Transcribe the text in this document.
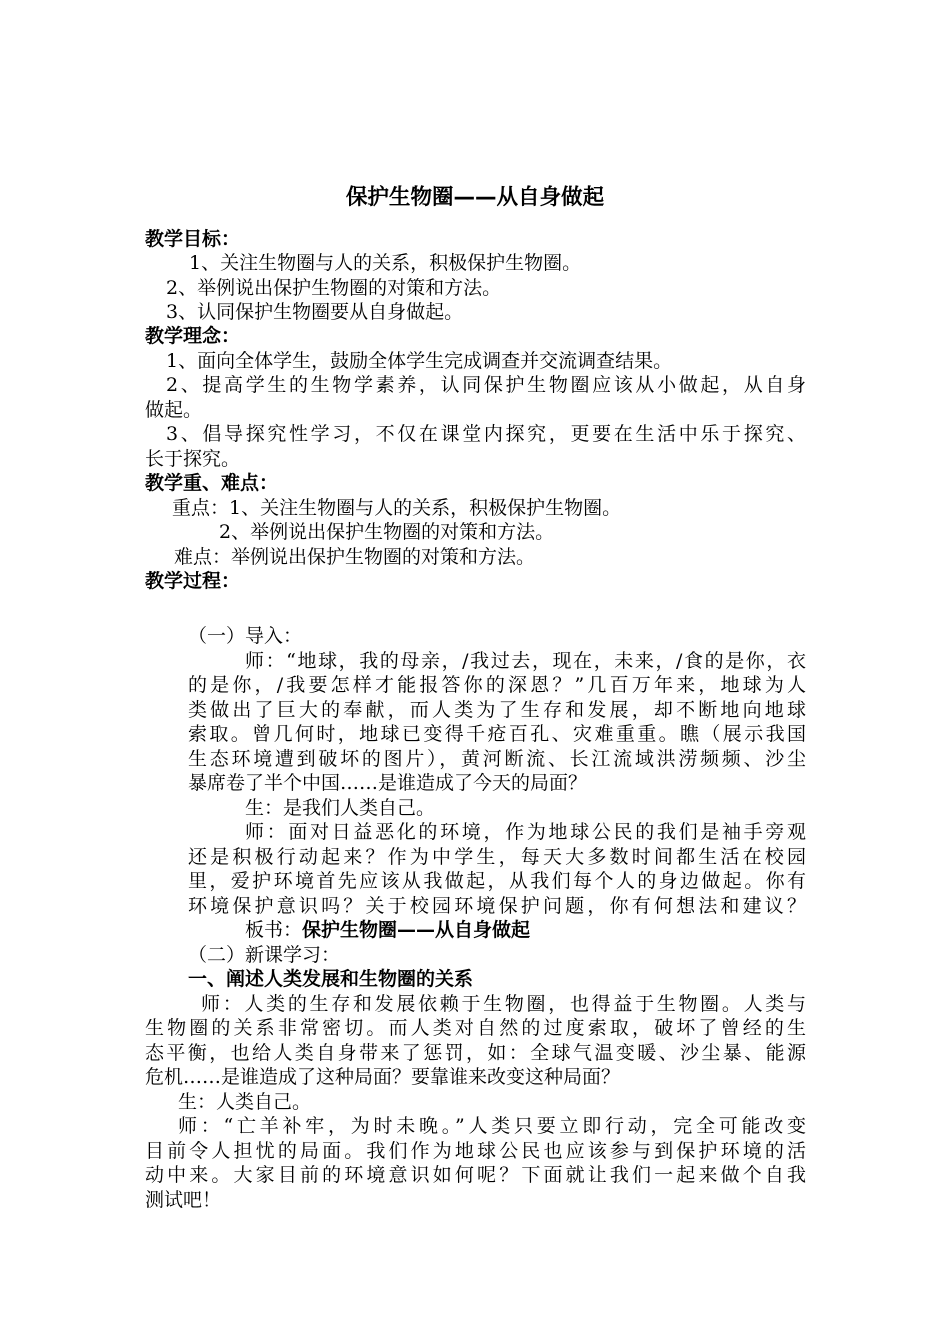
保护生物圈——从自身做起
教学目标：
1、关注生物圈与人的关系，积极保护生物圈。
2、举例说出保护生物圈的对策和方法。
3、认同保护生物圈要从自身做起。
教学理念：
1、面向全体学生，鼓励全体学生完成调查并交流调查结果。
2、提高学生的生物学素养，认同保护生物圈应该从小做起，从自身
做起。
3、倡导探究性学习，不仅在课堂内探究，更要在生活中乐于探究、
长于探究。
教学重、难点：
重点：1、关注生物圈与人的关系，积极保护生物圈。
2、举例说出保护生物圈的对策和方法。
难点：举例说出保护生物圈的对策和方法。
教学过程：
（一）导入：
师：“地球，我的母亲，/我过去，现在，未来，/食的是你，衣
的是你，/我要怎样才能报答你的深恩？”几百万年来，地球为人
类做出了巨大的奉献，而人类为了生存和发展，却不断地向地球
索取。曾几何时，地球已变得千疮百孔、灾难重重。瞧（展示我国
生态环境遭到破坏的图片），黄河断流、长江流域洪涝频频、沙尘
暴席卷了半个中国……是谁造成了今天的局面？
生：是我们人类自己。
师：面对日益恶化的环境，作为地球公民的我们是袖手旁观
还是积极行动起来？作为中学生，每天大多数时间都生活在校园
里，爱护环境首先应该从我做起，从我们每个人的身边做起。你有
环境保护意识吗？关于校园环境保护问题，你有何想法和建议？
板书：保护生物圈——从自身做起
（二）新课学习：
一、阐述人类发展和生物圈的关系
师：人类的生存和发展依赖于生物圈，也得益于生物圈。人类与
生物圈的关系非常密切。而人类对自然的过度索取，破坏了曾经的生
态平衡，也给人类自身带来了惩罚，如：全球气温变暖、沙尘暴、能源
危机……是谁造成了这种局面？要靠谁来改变这种局面？
生：人类自己。
师：“亡羊补牢，为时未晚。”人类只要立即行动，完全可能改变
目前令人担忧的局面。我们作为地球公民也应该参与到保护环境的活
动中来。大家目前的环境意识如何呢？下面就让我们一起来做个自我
测试吧！
